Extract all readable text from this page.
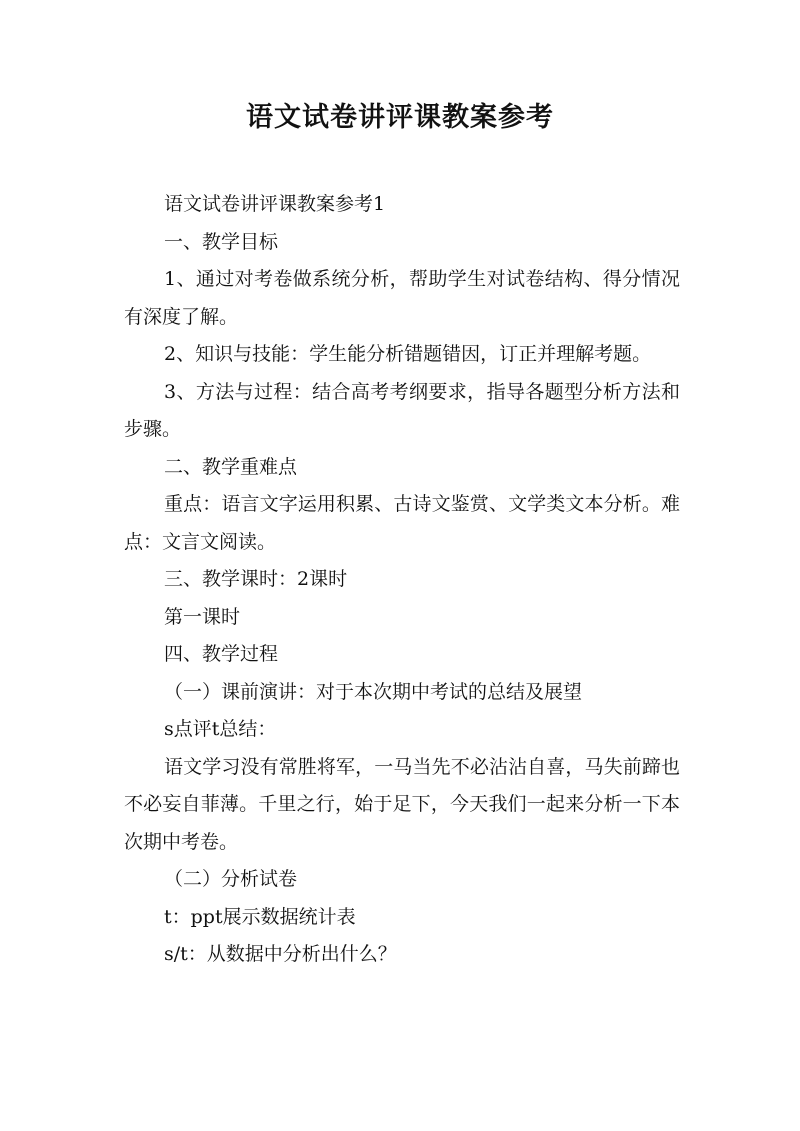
语文试卷讲评课教案参考

语文试卷讲评课教案参考1

一、教学目标

1、通过对考卷做系统分析，帮助学生对试卷结构、得分情况有深度了解。

2、知识与技能：学生能分析错题错因，订正并理解考题。

3、方法与过程：结合高考考纲要求，指导各题型分析方法和步骤。

二、教学重难点

重点：语言文字运用积累、古诗文鉴赏、文学类文本分析。难点：文言文阅读。

三、教学课时：2课时

第一课时

四、教学过程

（一）课前演讲：对于本次期中考试的总结及展望

s点评t总结：

语文学习没有常胜将军，一马当先不必沾沾自喜，马失前蹄也不必妄自菲薄。千里之行，始于足下，今天我们一起来分析一下本次期中考卷。

（二）分析试卷

t：ppt展示数据统计表

s/t：从数据中分析出什么？
